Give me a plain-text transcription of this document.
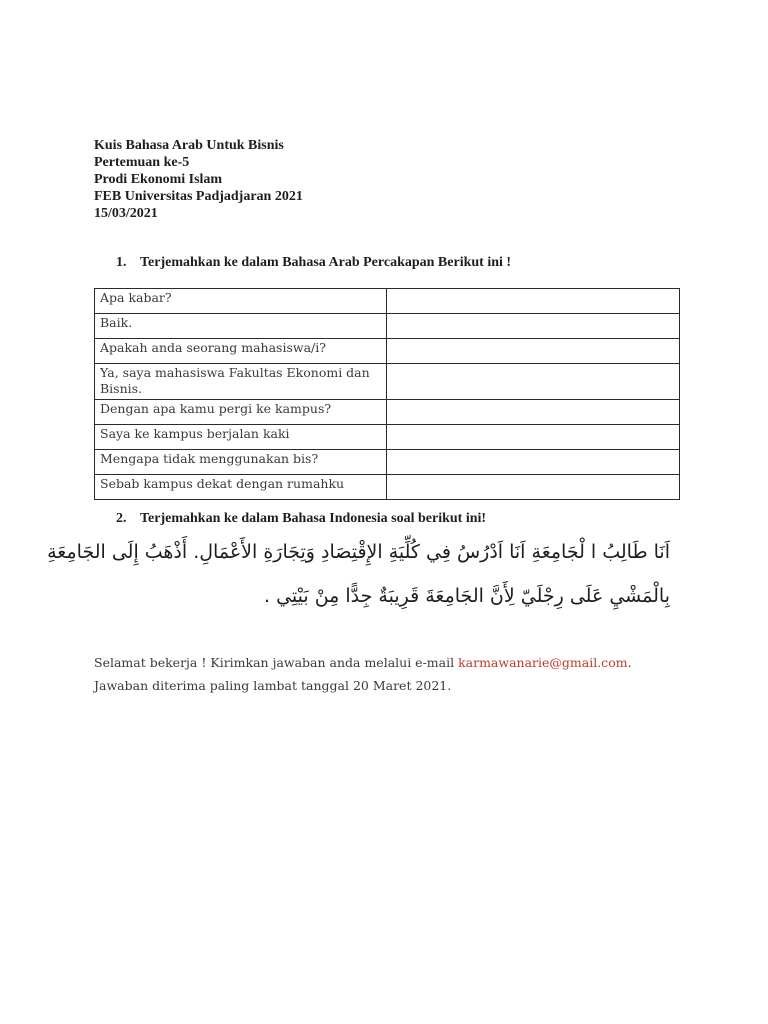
Kuis Bahasa Arab Untuk Bisnis
Pertemuan ke-5
Prodi Ekonomi Islam
FEB Universitas Padjadjaran 2021
15/03/2021
1. Terjemahkan ke dalam Bahasa Arab Percakapan Berikut ini !
Apa kabar?	
Baik.	
Apakah anda seorang mahasiswa/i?	
Ya, saya mahasiswa Fakultas Ekonomi dan Bisnis.	
Dengan apa kamu pergi ke kampus?	
Saya ke kampus berjalan kaki	
Mengapa tidak menggunakan bis?	
Sebab kampus dekat dengan rumahku	
2. Terjemahkan ke dalam Bahasa Indonesia soal berikut ini!
اَنَا طَالِبُ ا لْجَامِعَةِ اَنَا اَدْرُسُ فِي كُلِّيَةِ الإِقْتِصَادِ وَتِجَارَةِ الأَعْمَالِ. أَذْهَبُ إِلَى الجَامِعَةِ
بِالْمَشْيِ عَلَى رِجْلَيّ لِأَنَّ الجَامِعَةَ قَرِيبَةٌ جِدًّا مِنْ بَيْتِي .
Selamat bekerja ! Kirimkan jawaban anda melalui e-mail karmawanarie@gmail.com. Jawaban diterima paling lambat tanggal 20 Maret 2021.
